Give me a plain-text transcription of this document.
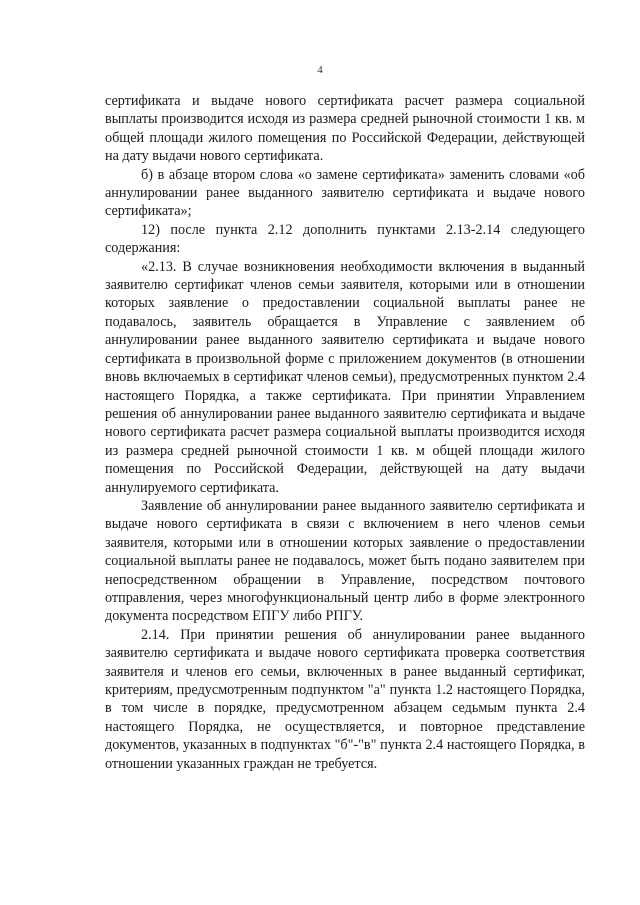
4

сертификата и выдаче нового сертификата расчет размера социальной выплаты производится исходя из размера средней рыночной стоимости 1 кв. м общей площади жилого помещения по Российской Федерации, действующей на дату выдачи нового сертификата.

б) в абзаце втором слова «о замене сертификата» заменить словами «об аннулировании ранее выданного заявителю сертификата и выдаче нового сертификата»;

12) после пункта 2.12 дополнить пунктами 2.13-2.14 следующего содержания:

«2.13. В случае возникновения необходимости включения в выданный заявителю сертификат членов семьи заявителя, которыми или в отношении которых заявление о предоставлении социальной выплаты ранее не подавалось, заявитель обращается в Управление с заявлением об аннулировании ранее выданного заявителю сертификата и выдаче нового сертификата в произвольной форме с приложением документов (в отношении вновь включаемых в сертификат членов семьи), предусмотренных пунктом 2.4 настоящего Порядка, а также сертификата. При принятии Управлением решения об аннулировании ранее выданного заявителю сертификата и выдаче нового сертификата расчет размера социальной выплаты производится исходя из размера средней рыночной стоимости 1 кв. м общей площади жилого помещения по Российской Федерации, действующей на дату выдачи аннулируемого сертификата.

Заявление об аннулировании ранее выданного заявителю сертификата и выдаче нового сертификата в связи с включением в него членов семьи заявителя, которыми или в отношении которых заявление о предоставлении социальной выплаты ранее не подавалось, может быть подано заявителем при непосредственном обращении в Управление, посредством почтового отправления, через многофункциональный центр либо в форме электронного документа посредством ЕПГУ либо РПГУ.

2.14. При принятии решения об аннулировании ранее выданного заявителю сертификата и выдаче нового сертификата проверка соответствия заявителя и членов его семьи, включенных в ранее выданный сертификат, критериям, предусмотренным подпунктом "а" пункта 1.2 настоящего Порядка, в том числе в порядке, предусмотренном абзацем седьмым пункта 2.4 настоящего Порядка, не осуществляется, и повторное представление документов, указанных в подпунктах "б"-"в" пункта 2.4 настоящего Порядка, в отношении указанных граждан не требуется.
